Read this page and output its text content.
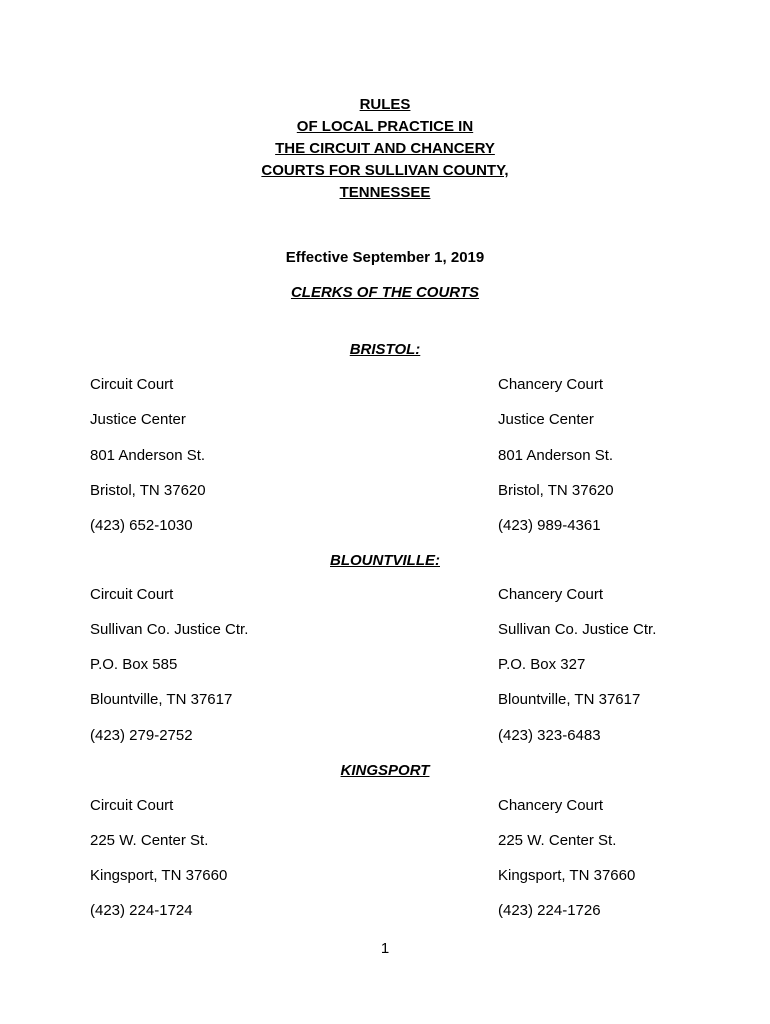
RULES
OF LOCAL PRACTICE IN
THE CIRCUIT AND CHANCERY
COURTS FOR SULLIVAN COUNTY,
TENNESSEE
Effective September 1, 2019
CLERKS OF THE COURTS
BRISTOL:
Circuit Court
Justice Center
801 Anderson St.
Bristol, TN 37620
(423) 652-1030
Chancery Court
Justice Center
801 Anderson St.
Bristol, TN 37620
(423) 989-4361
BLOUNTVILLE:
Circuit Court
Sullivan Co. Justice Ctr.
P.O. Box 585
Blountville, TN 37617
(423) 279-2752
Chancery Court
Sullivan Co. Justice Ctr.
P.O. Box 327
Blountville, TN 37617
(423) 323-6483
KINGSPORT
Circuit Court
225 W. Center St.
Kingsport, TN 37660
(423) 224-1724
Chancery Court
225 W. Center St.
Kingsport, TN 37660
(423) 224-1726
1
